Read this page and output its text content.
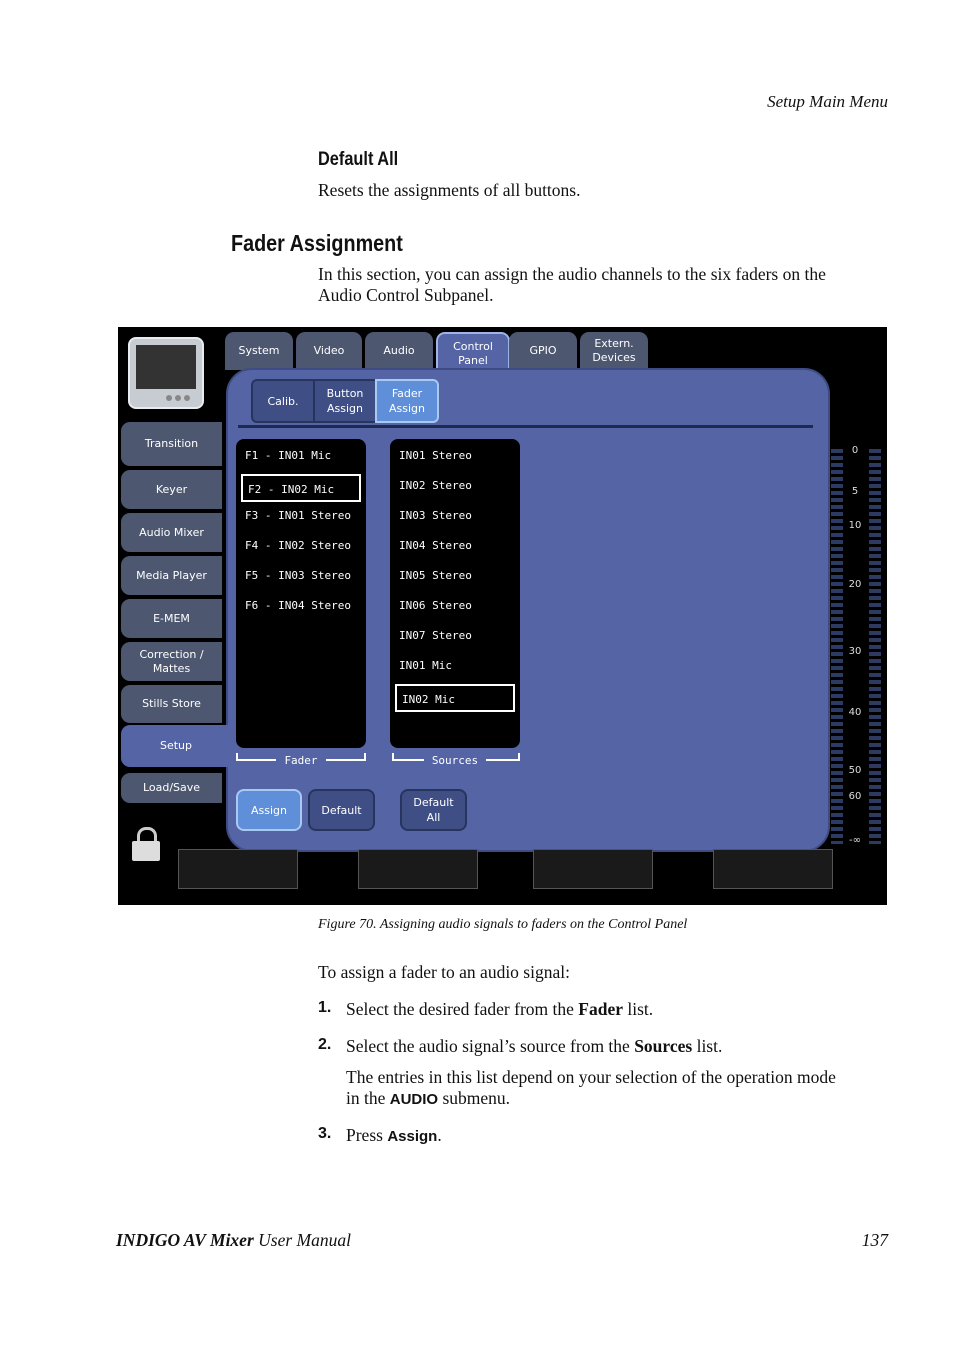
Setup Main Menu
Default All
Resets the assignments of all buttons.
Fader Assignment
In this section, you can assign the audio channels to the six faders on the
Audio Control Subpanel.
System	Video	Audio	Control Panel
GPIO
Extern. Devices
Transition
Keyer
Audio Mixer
Media Player
E-MEM
Correction / Mattes
Stills Store
Setup
Load/Save
Calib.
Button Assign
Fader Assign
F1 - IN01 Mic
F2 - IN02 Mic
F3 - IN01 Stereo
F4 - IN02 Stereo
F5 - IN03 Stereo
F6 - IN04 Stereo
Fader
IN01 Stereo
IN02 Stereo
IN03 Stereo
IN04 Stereo
IN05 Stereo
IN06 Stereo
IN07 Stereo
IN01 Mic
IN02 Mic
Sources
Assign	Default
Default
All
0
5
10
20
30
40
50
60
-∞
Figure 70. Assigning audio signals to faders on the Control Panel
To assign a fader to an audio signal:
1. Select the desired fader from the Fader list.
2. Select the audio signal’s source from the Sources list.
The entries in this list depend on your selection of the operation mode
in the AUDIO submenu.
3. Press Assign.
INDIGO AV Mixer User Manual	137
